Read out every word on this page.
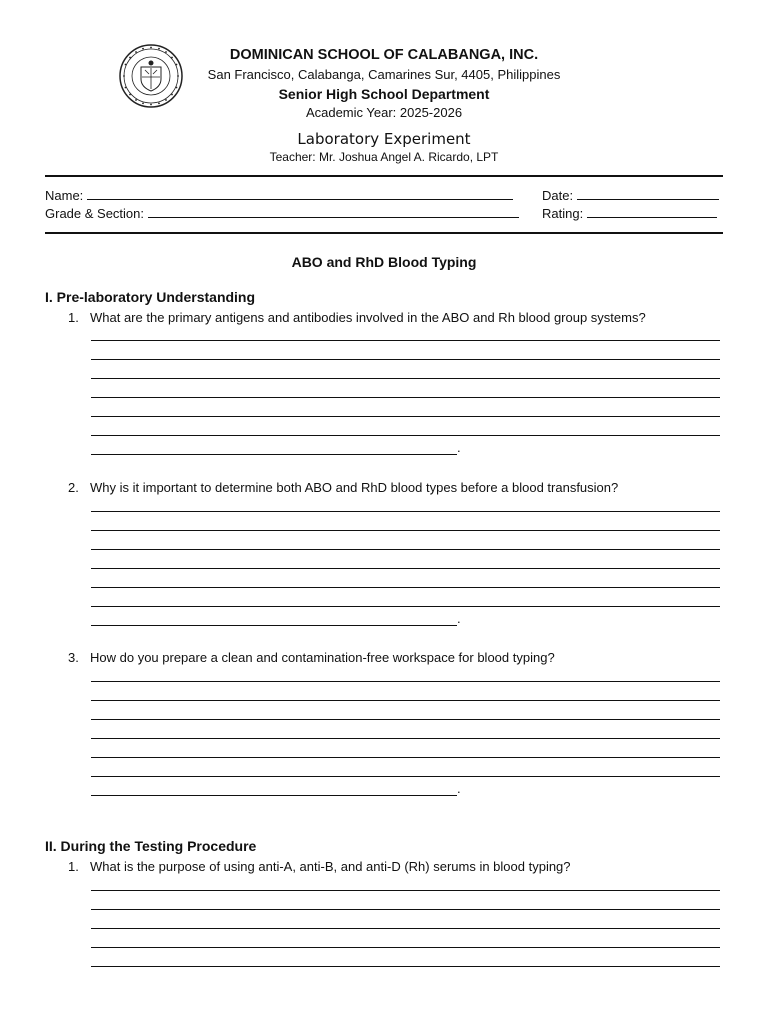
DOMINICAN SCHOOL OF CALABANGA, INC.
San Francisco, Calabanga, Camarines Sur, 4405, Philippines
Senior High School Department
Academic Year: 2025-2026
Laboratory Experiment
Teacher: Mr. Joshua Angel A. Ricardo, LPT
Name:
Grade & Section:
Date:
Rating:
ABO and RhD Blood Typing
I. Pre-laboratory Understanding
1. What are the primary antigens and antibodies involved in the ABO and Rh blood group systems?
.
2. Why is it important to determine both ABO and RhD blood types before a blood transfusion?
.
3. How do you prepare a clean and contamination-free workspace for blood typing?
.
II. During the Testing Procedure
1. What is the purpose of using anti-A, anti-B, and anti-D (Rh) serums in blood typing?
